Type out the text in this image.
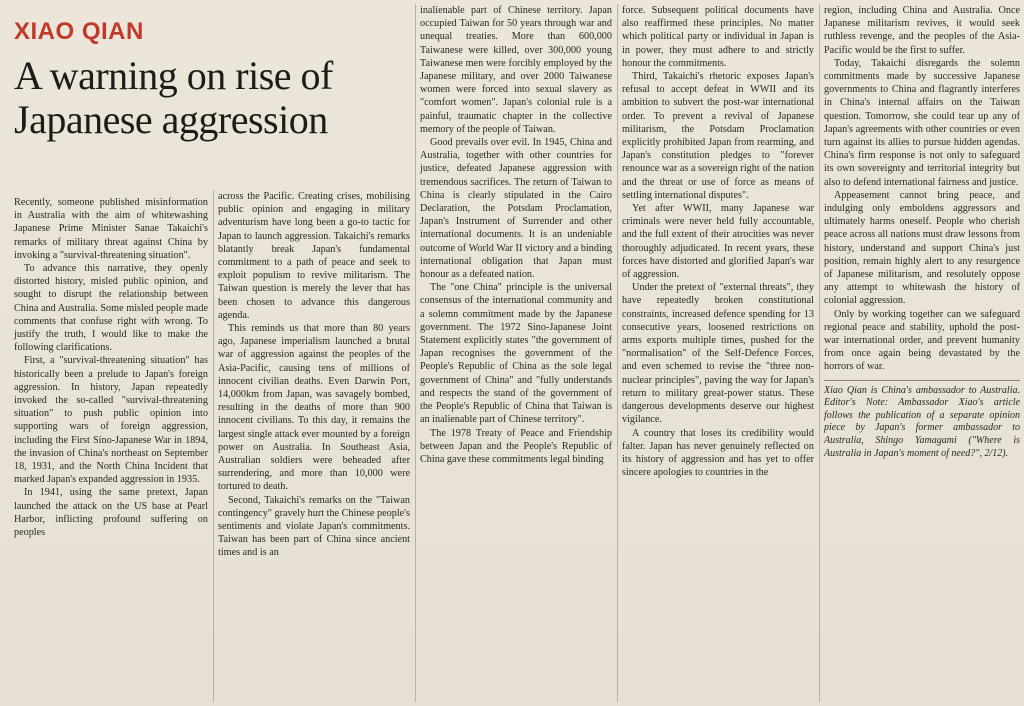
XIAO QIAN
A warning on rise of Japanese aggression

Recently, someone published misinformation in Australia with the aim of whitewashing Japanese Prime Minister Sanae Takaichi's remarks of military threat against China by invoking a "survival-threatening situation".

To advance this narrative, they openly distorted history, misled public opinion, and sought to disrupt the relationship between China and Australia. Some misled people made comments that confuse right with wrong. To justify the truth, I would like to make the following clarifications.

First, a "survival-threatening situation" has historically been a prelude to Japan's foreign aggression. In history, Japan repeatedly invoked the so-called "survival-threatening situation" to push public opinion into supporting wars of foreign aggression, including the First Sino-Japanese War in 1894, the invasion of China's northeast on September 18, 1931, and the North China Incident that marked Japan's expanded aggression in 1935.

In 1941, using the same pretext, Japan launched the attack on the US base at Pearl Harbor, inflicting profound suffering on peoples

across the Pacific. Creating crises, mobilising public opinion and engaging in military adventurism have long been a go-to tactic for Japan to launch aggression. Takaichi's remarks blatantly break Japan's fundamental commitment to a path of peace and seek to exploit populism to revive militarism. The Taiwan question is merely the lever that has been chosen to advance this dangerous agenda.

This reminds us that more than 80 years ago, Japanese imperialism launched a brutal war of aggression against the peoples of the Asia-Pacific, causing tens of millions of innocent civilian deaths. Even Darwin Port, 14,000km from Japan, was savagely bombed, resulting in the deaths of more than 900 innocent civilians. To this day, it remains the largest single attack ever mounted by a foreign power on Australia. In Southeast Asia, Australian soldiers were beheaded after surrendering, and more than 10,000 were tortured to death.

Second, Takaichi's remarks on the "Taiwan contingency" gravely hurt the Chinese people's sentiments and violate Japan's commitments. Taiwan has been part of China since ancient times and is an

inalienable part of Chinese territory. Japan occupied Taiwan for 50 years through war and unequal treaties. More than 600,000 Taiwanese were killed, over 300,000 young Taiwanese men were forcibly employed by the Japanese military, and over 2000 Taiwanese women were forced into sexual slavery as "comfort women". Japan's colonial rule is a painful, traumatic chapter in the collective memory of the people of Taiwan.

Good prevails over evil. In 1945, China and Australia, together with other countries for justice, defeated Japanese aggression with tremendous sacrifices. The return of Taiwan to China is clearly stipulated in the Cairo Declaration, the Potsdam Proclamation, Japan's Instrument of Surrender and other international documents. It is an undeniable outcome of World War II victory and a binding international obligation that Japan must honour as a defeated nation.

The "one China" principle is the universal consensus of the international community and a solemn commitment made by the Japanese government. The 1972 Sino-Japanese Joint Statement explicitly states "the government of Japan recognises the government of the People's Republic of China as the sole legal government of China" and "fully understands and respects the stand of the government of the People's Republic of China that Taiwan is an inalienable part of Chinese territory".

The 1978 Treaty of Peace and Friendship between Japan and the People's Republic of China gave these commitments legal binding

force. Subsequent political documents have also reaffirmed these principles. No matter which political party or individual in Japan is in power, they must adhere to and strictly honour the commitments.

Third, Takaichi's rhetoric exposes Japan's refusal to accept defeat in WWII and its ambition to subvert the post-war international order. To prevent a revival of Japanese militarism, the Potsdam Proclamation explicitly prohibited Japan from rearming, and Japan's constitution pledges to "forever renounce war as a sovereign right of the nation and the threat or use of force as means of settling international disputes".

Yet after WWII, many Japanese war criminals were never held fully accountable, and the full extent of their atrocities was never thoroughly adjudicated. In recent years, these forces have distorted and glorified Japan's war of aggression.

Under the pretext of "external threats", they have repeatedly broken constitutional constraints, increased defence spending for 13 consecutive years, loosened restrictions on arms exports multiple times, pushed for the "normalisation" of the Self-Defence Forces, and even schemed to revise the "three non-nuclear principles", paving the way for Japan's return to military great-power status. These dangerous developments deserve our highest vigilance.

A country that loses its credibility would falter. Japan has never genuinely reflected on its history of aggression and has yet to offer sincere apologies to countries in the

region, including China and Australia. Once Japanese militarism revives, it would seek ruthless revenge, and the peoples of the Asia-Pacific would be the first to suffer.

Today, Takaichi disregards the solemn commitments made by successive Japanese governments to China and flagrantly interferes in China's internal affairs on the Taiwan question. Tomorrow, she could tear up any of Japan's agreements with other countries or even turn against its allies to pursue hidden agendas. China's firm response is not only to safeguard its own sovereignty and territorial integrity but also to defend international fairness and justice.

Appeasement cannot bring peace, and indulging only emboldens aggressors and ultimately harms oneself. People who cherish peace across all nations must draw lessons from history, understand and support China's just position, remain highly alert to any resurgence of Japanese militarism, and resolutely oppose any attempt to whitewash the history of colonial aggression.

Only by working together can we safeguard regional peace and stability, uphold the post-war international order, and prevent humanity from once again being devastated by the horrors of war.

Xiao Qian is China's ambassador to Australia. Editor's Note: Ambassador Xiao's article follows the publication of a separate opinion piece by Japan's former ambassador to Australia, Shingo Yamagami ("Where is Australia in Japan's moment of need?", 2/12).
